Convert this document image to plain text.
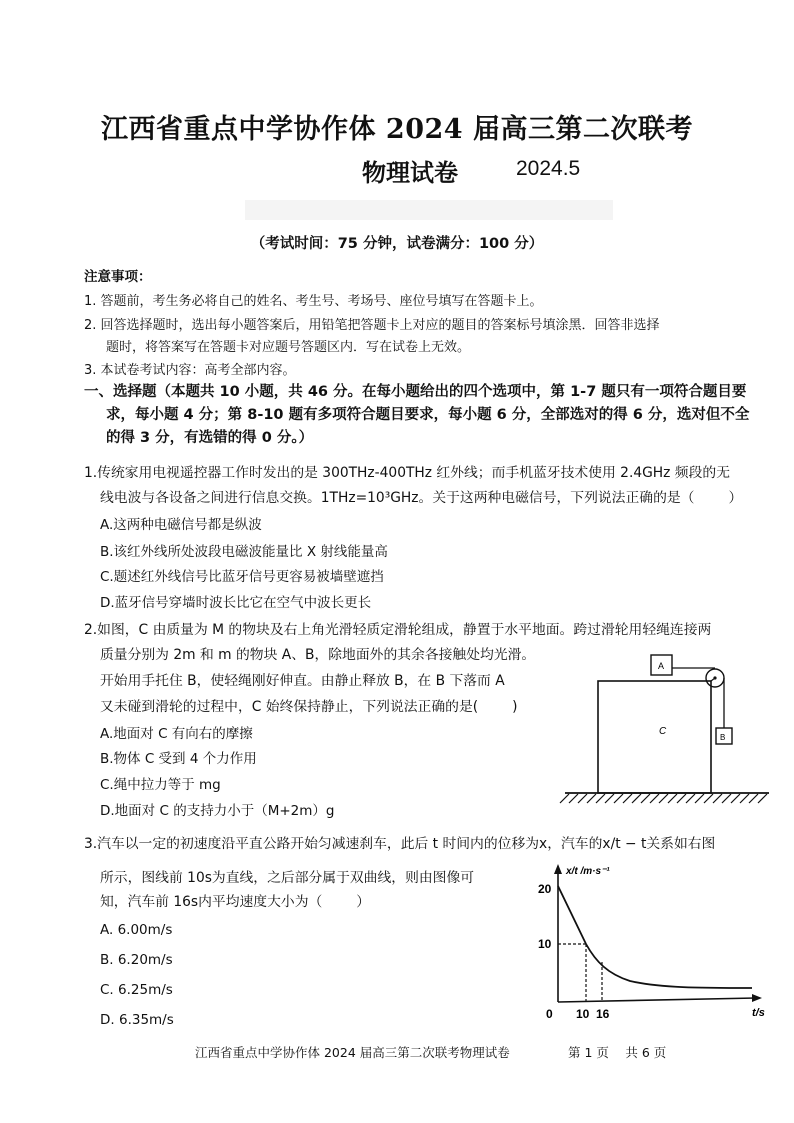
江西省重点中学协作体 2024 届高三第二次联考
物理试卷	2024.5
（考试时间：75 分钟，试卷满分：100 分）
注意事项：
1. 答题前，考生务必将自己的姓名、考生号、考场号、座位号填写在答题卡上。
2. 回答选择题时，选出每小题答案后，用铅笔把答题卡上对应的题目的答案标号填涂黑．回答非选择
题时，将答案写在答题卡对应题号答题区内．写在试卷上无效。
3. 本试卷考试内容：高考全部内容。
一、选择题（本题共 10 小题，共 46 分。在每小题给出的四个选项中，第 1-7 题只有一项符合题目要
求，每小题 4 分；第 8-10 题有多项符合题目要求，每小题 6 分，全部选对的得 6 分，选对但不全
的得 3 分，有选错的得 0 分。）
1.传统家用电视遥控器工作时发出的是 300THz-400THz 红外线；而手机蓝牙技术使用 2.4GHz 频段的无
线电波与各设备之间进行信息交换。1THz=10³GHz。关于这两种电磁信号，下列说法正确的是（ ）
A.这两种电磁信号都是纵波
B.该红外线所处波段电磁波能量比 X 射线能量高
C.题述红外线信号比蓝牙信号更容易被墙壁遮挡
D.蓝牙信号穿墙时波长比它在空气中波长更长
2.如图，C 由质量为 M 的物块及右上角光滑轻质定滑轮组成，静置于水平地面。跨过滑轮用轻绳连接两
质量分别为 2m 和 m 的物块 A、B，除地面外的其余各接触处均光滑。
开始用手托住 B，使轻绳刚好伸直。由静止释放 B，在 B 下落而 A
又未碰到滑轮的过程中，C 始终保持静止，下列说法正确的是( )
A.地面对 C 有向右的摩擦
B.物体 C 受到 4 个力作用
C.绳中拉力等于 mg
D.地面对 C 的支持力小于（M+2m）g
C
A
B
3.汽车以一定的初速度沿平直公路开始匀减速刹车，此后 t 时间内的位移为x，汽车的x/t − t关系如右图
所示，图线前 10s为直线，之后部分属于双曲线，则由图像可
知，汽车前 16s内平均速度大小为（ ）
A. 6.00m/s
B. 6.20m/s
C. 6.25m/s
D. 6.35m/s
x/t /m·s⁻¹
t/s
20
10
0 10 16
江西省重点中学协作体 2024 届高三第二次联考物理试卷	第 1 页　 共 6 页
